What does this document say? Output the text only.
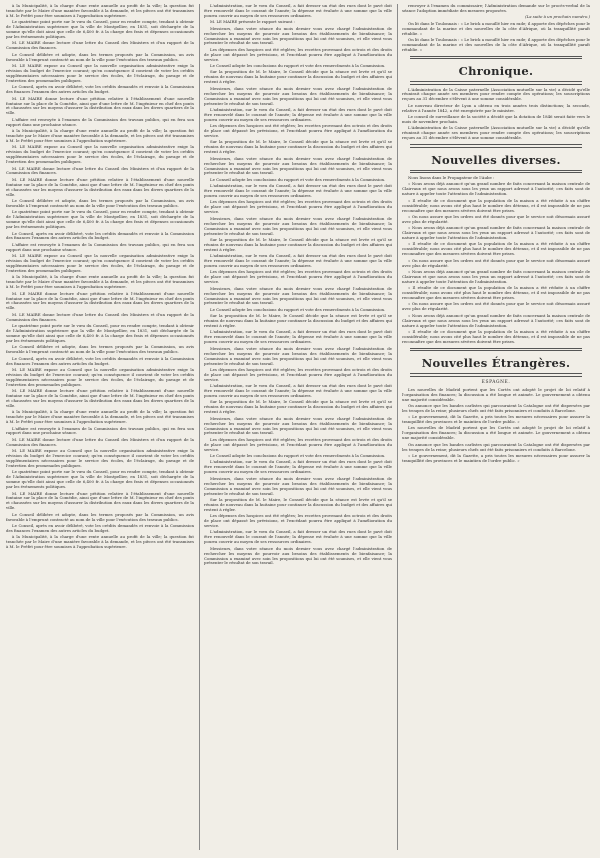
à la Municipalité, à la charge d'une rente annuelle au profit de la ville; la question fut tranchée par le Maire d'une manière favorable à la demande, et les pièces ont été transmises à M. le Préfet pour être soumises à l'approbation supérieure.

Le quatrième point porte sur le vœu du Conseil, pour en rendre compte, tendant à obtenir de l'Administration supérieure que la ville de Montpellier, en 1831, soit déchargée de la somme qu'elle doit ainsi que celle de 6,400 fr. à la charge des frais et dépenses occasionnés par les événements politiques.

M. LE MAIRE donne lecture d'une lettre du Conseil des Ministres et d'un rapport de la Commission des finances.

Le Conseil délibère et adopte, dans les termes proposés par la Commission, un avis favorable à l'emprunt contracté au nom de la ville pour l'exécution des travaux publics.

M. LE MAIRE expose au Conseil que la nouvelle organisation administrative exige la révision du budget de l'exercice courant; qu'en conséquence il convient de voter les crédits supplémentaires nécessaires pour le service des écoles, de l'éclairage, du pavage et de l'entretien des promenades publiques.

Le Conseil, après en avoir délibéré, vote les crédits demandés et renvoie à la Commission des finances l'examen des autres articles du budget.

M. LE MAIRE donne lecture d'une pétition relative à l'établissement d'une nouvelle fontaine sur la place de la Comédie, ainsi que d'une lettre de M. l'ingénieur en chef des ponts et chaussées sur les moyens d'assurer la distribution des eaux dans les divers quartiers de la ville.

L'affaire est renvoyée à l'examen de la Commission des travaux publics, qui en fera son rapport dans une prochaine séance.

à la Municipalité, à la charge d'une rente annuelle au profit de la ville; la question fut tranchée par le Maire d'une manière favorable à la demande, et les pièces ont été transmises à M. le Préfet pour être soumises à l'approbation supérieure.

M. LE MAIRE expose au Conseil que la nouvelle organisation administrative exige la révision du budget de l'exercice courant; qu'en conséquence il convient de voter les crédits supplémentaires nécessaires pour le service des écoles, de l'éclairage, du pavage et de l'entretien des promenades publiques.

M. LE MAIRE donne lecture d'une lettre du Conseil des Ministres et d'un rapport de la Commission des finances.

M. LE MAIRE donne lecture d'une pétition relative à l'établissement d'une nouvelle fontaine sur la place de la Comédie, ainsi que d'une lettre de M. l'ingénieur en chef des ponts et chaussées sur les moyens d'assurer la distribution des eaux dans les divers quartiers de la ville.

Le Conseil délibère et adopte, dans les termes proposés par la Commission, un avis favorable à l'emprunt contracté au nom de la ville pour l'exécution des travaux publics.

Le quatrième point porte sur le vœu du Conseil, pour en rendre compte, tendant à obtenir de l'Administration supérieure que la ville de Montpellier, en 1831, soit déchargée de la somme qu'elle doit ainsi que celle de 6,400 fr. à la charge des frais et dépenses occasionnés par les événements politiques.

Le Conseil, après en avoir délibéré, vote les crédits demandés et renvoie à la Commission des finances l'examen des autres articles du budget.

L'affaire est renvoyée à l'examen de la Commission des travaux publics, qui en fera son rapport dans une prochaine séance.

M. LE MAIRE expose au Conseil que la nouvelle organisation administrative exige la révision du budget de l'exercice courant; qu'en conséquence il convient de voter les crédits supplémentaires nécessaires pour le service des écoles, de l'éclairage, du pavage et de l'entretien des promenades publiques.

à la Municipalité, à la charge d'une rente annuelle au profit de la ville; la question fut tranchée par le Maire d'une manière favorable à la demande, et les pièces ont été transmises à M. le Préfet pour être soumises à l'approbation supérieure.

M. LE MAIRE donne lecture d'une pétition relative à l'établissement d'une nouvelle fontaine sur la place de la Comédie, ainsi que d'une lettre de M. l'ingénieur en chef des ponts et chaussées sur les moyens d'assurer la distribution des eaux dans les divers quartiers de la ville.

M. LE MAIRE donne lecture d'une lettre du Conseil des Ministres et d'un rapport de la Commission des finances.

Le quatrième point porte sur le vœu du Conseil, pour en rendre compte, tendant à obtenir de l'Administration supérieure que la ville de Montpellier, en 1831, soit déchargée de la somme qu'elle doit ainsi que celle de 6,400 fr. à la charge des frais et dépenses occasionnés par les événements politiques.

Le Conseil délibère et adopte, dans les termes proposés par la Commission, un avis favorable à l'emprunt contracté au nom de la ville pour l'exécution des travaux publics.

Le Conseil, après en avoir délibéré, vote les crédits demandés et renvoie à la Commission des finances l'examen des autres articles du budget.

M. LE MAIRE expose au Conseil que la nouvelle organisation administrative exige la révision du budget de l'exercice courant; qu'en conséquence il convient de voter les crédits supplémentaires nécessaires pour le service des écoles, de l'éclairage, du pavage et de l'entretien des promenades publiques.

M. LE MAIRE donne lecture d'une pétition relative à l'établissement d'une nouvelle fontaine sur la place de la Comédie, ainsi que d'une lettre de M. l'ingénieur en chef des ponts et chaussées sur les moyens d'assurer la distribution des eaux dans les divers quartiers de la ville.

à la Municipalité, à la charge d'une rente annuelle au profit de la ville; la question fut tranchée par le Maire d'une manière favorable à la demande, et les pièces ont été transmises à M. le Préfet pour être soumises à l'approbation supérieure.

L'affaire est renvoyée à l'examen de la Commission des travaux publics, qui en fera son rapport dans une prochaine séance.

M. LE MAIRE donne lecture d'une lettre du Conseil des Ministres et d'un rapport de la Commission des finances.

M. LE MAIRE expose au Conseil que la nouvelle organisation administrative exige la révision du budget de l'exercice courant; qu'en conséquence il convient de voter les crédits supplémentaires nécessaires pour le service des écoles, de l'éclairage, du pavage et de l'entretien des promenades publiques.

Le quatrième point porte sur le vœu du Conseil, pour en rendre compte, tendant à obtenir de l'Administration supérieure que la ville de Montpellier, en 1831, soit déchargée de la somme qu'elle doit ainsi que celle de 6,400 fr. à la charge des frais et dépenses occasionnés par les événements politiques.

M. LE MAIRE donne lecture d'une pétition relative à l'établissement d'une nouvelle fontaine sur la place de la Comédie, ainsi que d'une lettre de M. l'ingénieur en chef des ponts et chaussées sur les moyens d'assurer la distribution des eaux dans les divers quartiers de la ville.

Le Conseil délibère et adopte, dans les termes proposés par la Commission, un avis favorable à l'emprunt contracté au nom de la ville pour l'exécution des travaux publics.

Le Conseil, après en avoir délibéré, vote les crédits demandés et renvoie à la Commission des finances l'examen des autres articles du budget.

à la Municipalité, à la charge d'une rente annuelle au profit de la ville; la question fut tranchée par le Maire d'une manière favorable à la demande, et les pièces ont été transmises à M. le Préfet pour être soumises à l'approbation supérieure.

L'administration, sur le vœu du Conseil, a fait dresser un état des rues dont le pavé doit être renouvelé dans le courant de l'année; la dépense est évaluée à une somme que la ville pourra couvrir au moyen de ses ressources ordinaires.

M. LE MAIRE présente le rapport suivant :

Messieurs, dans votre séance du mois dernier vous avez chargé l'administration de rechercher les moyens de pourvoir aux besoins des établissements de bienfaisance; la Commission a examiné avec soin les propositions qui lui ont été soumises, et elle vient vous présenter le résultat de son travail.

Les dépenses des hospices ont été réglées; les recettes provenant des octrois et des droits de place ont dépassé les prévisions, et l'excédant pourra être appliqué à l'amélioration du service.

Le Conseil adopte les conclusions du rapport et vote des remercîments à la Commission.

Sur la proposition de M. le Maire, le Conseil décide que la séance est levée et qu'il se réunira de nouveau dans la huitaine pour continuer la discussion du budget et des affaires qui restent à régler.

Messieurs, dans votre séance du mois dernier vous avez chargé l'administration de rechercher les moyens de pourvoir aux besoins des établissements de bienfaisance; la Commission a examiné avec soin les propositions qui lui ont été soumises, et elle vient vous présenter le résultat de son travail.

L'administration, sur le vœu du Conseil, a fait dresser un état des rues dont le pavé doit être renouvelé dans le courant de l'année; la dépense est évaluée à une somme que la ville pourra couvrir au moyen de ses ressources ordinaires.

Les dépenses des hospices ont été réglées; les recettes provenant des octrois et des droits de place ont dépassé les prévisions, et l'excédant pourra être appliqué à l'amélioration du service.

Sur la proposition de M. le Maire, le Conseil décide que la séance est levée et qu'il se réunira de nouveau dans la huitaine pour continuer la discussion du budget et des affaires qui restent à régler.

Messieurs, dans votre séance du mois dernier vous avez chargé l'administration de rechercher les moyens de pourvoir aux besoins des établissements de bienfaisance; la Commission a examiné avec soin les propositions qui lui ont été soumises, et elle vient vous présenter le résultat de son travail.

Le Conseil adopte les conclusions du rapport et vote des remercîments à la Commission.

L'administration, sur le vœu du Conseil, a fait dresser un état des rues dont le pavé doit être renouvelé dans le courant de l'année; la dépense est évaluée à une somme que la ville pourra couvrir au moyen de ses ressources ordinaires.

Les dépenses des hospices ont été réglées; les recettes provenant des octrois et des droits de place ont dépassé les prévisions, et l'excédant pourra être appliqué à l'amélioration du service.

Messieurs, dans votre séance du mois dernier vous avez chargé l'administration de rechercher les moyens de pourvoir aux besoins des établissements de bienfaisance; la Commission a examiné avec soin les propositions qui lui ont été soumises, et elle vient vous présenter le résultat de son travail.

Sur la proposition de M. le Maire, le Conseil décide que la séance est levée et qu'il se réunira de nouveau dans la huitaine pour continuer la discussion du budget et des affaires qui restent à régler.

L'administration, sur le vœu du Conseil, a fait dresser un état des rues dont le pavé doit être renouvelé dans le courant de l'année; la dépense est évaluée à une somme que la ville pourra couvrir au moyen de ses ressources ordinaires.

Les dépenses des hospices ont été réglées; les recettes provenant des octrois et des droits de place ont dépassé les prévisions, et l'excédant pourra être appliqué à l'amélioration du service.

Messieurs, dans votre séance du mois dernier vous avez chargé l'administration de rechercher les moyens de pourvoir aux besoins des établissements de bienfaisance; la Commission a examiné avec soin les propositions qui lui ont été soumises, et elle vient vous présenter le résultat de son travail.

Le Conseil adopte les conclusions du rapport et vote des remercîments à la Commission.

Sur la proposition de M. le Maire, le Conseil décide que la séance est levée et qu'il se réunira de nouveau dans la huitaine pour continuer la discussion du budget et des affaires qui restent à régler.

L'administration, sur le vœu du Conseil, a fait dresser un état des rues dont le pavé doit être renouvelé dans le courant de l'année; la dépense est évaluée à une somme que la ville pourra couvrir au moyen de ses ressources ordinaires.

Messieurs, dans votre séance du mois dernier vous avez chargé l'administration de rechercher les moyens de pourvoir aux besoins des établissements de bienfaisance; la Commission a examiné avec soin les propositions qui lui ont été soumises, et elle vient vous présenter le résultat de son travail.

Les dépenses des hospices ont été réglées; les recettes provenant des octrois et des droits de place ont dépassé les prévisions, et l'excédant pourra être appliqué à l'amélioration du service.

L'administration, sur le vœu du Conseil, a fait dresser un état des rues dont le pavé doit être renouvelé dans le courant de l'année; la dépense est évaluée à une somme que la ville pourra couvrir au moyen de ses ressources ordinaires.

Sur la proposition de M. le Maire, le Conseil décide que la séance est levée et qu'il se réunira de nouveau dans la huitaine pour continuer la discussion du budget et des affaires qui restent à régler.

Messieurs, dans votre séance du mois dernier vous avez chargé l'administration de rechercher les moyens de pourvoir aux besoins des établissements de bienfaisance; la Commission a examiné avec soin les propositions qui lui ont été soumises, et elle vient vous présenter le résultat de son travail.

Les dépenses des hospices ont été réglées; les recettes provenant des octrois et des droits de place ont dépassé les prévisions, et l'excédant pourra être appliqué à l'amélioration du service.

Le Conseil adopte les conclusions du rapport et vote des remercîments à la Commission.

L'administration, sur le vœu du Conseil, a fait dresser un état des rues dont le pavé doit être renouvelé dans le courant de l'année; la dépense est évaluée à une somme que la ville pourra couvrir au moyen de ses ressources ordinaires.

Messieurs, dans votre séance du mois dernier vous avez chargé l'administration de rechercher les moyens de pourvoir aux besoins des établissements de bienfaisance; la Commission a examiné avec soin les propositions qui lui ont été soumises, et elle vient vous présenter le résultat de son travail.

Sur la proposition de M. le Maire, le Conseil décide que la séance est levée et qu'il se réunira de nouveau dans la huitaine pour continuer la discussion du budget et des affaires qui restent à régler.

Les dépenses des hospices ont été réglées; les recettes provenant des octrois et des droits de place ont dépassé les prévisions, et l'excédant pourra être appliqué à l'amélioration du service.

L'administration, sur le vœu du Conseil, a fait dresser un état des rues dont le pavé doit être renouvelé dans le courant de l'année; la dépense est évaluée à une somme que la ville pourra couvrir au moyen de ses ressources ordinaires.

Messieurs, dans votre séance du mois dernier vous avez chargé l'administration de rechercher les moyens de pourvoir aux besoins des établissements de bienfaisance; la Commission a examiné avec soin les propositions qui lui ont été soumises, et elle vient vous présenter le résultat de son travail.

renvoyer à l'examen du commissaire; l'Administration demande sur le procès-verbal de la séance l'adoption immédiate des mesures proposées.

(La suite à un prochain numéro.)

On lit dans le Toulonnais : « Le brick a mouillé hier en rade; il apporte des dépêches pour le commandant de la marine et des nouvelles de la côte d'Afrique, où la tranquillité paraît rétablie. »

On lit dans le Toulonnais : « Le brick a mouillé hier en rade; il apporte des dépêches pour le commandant de la marine et des nouvelles de la côte d'Afrique, où la tranquillité paraît rétablie. »

Chronique.

L'Administration de la Caisse paternelle (Association mutuelle sur la vie) a décidé qu'elle réunirait chaque année ses membres pour rendre compte des opérations; les souscriptions reçues au 31 décembre s'élèvent à une somme considérable.

Le nouveau directeur de Lyon a obtenu en trois années trois distinctions; la seconde, relative à l'année 1842, a été enregistrée par le ministre.

Le conseil de surveillance de la société a décidé que la dotation de 1846 serait faite vers le mois de novembre prochain.

L'Administration de la Caisse paternelle (Association mutuelle sur la vie) a décidé qu'elle réunirait chaque année ses membres pour rendre compte des opérations; les souscriptions reçues au 31 décembre s'élèvent à une somme considérable.

Nouvelles diverses.

Nous lisons dans le Propagateur de l'Aube :

« Nous avons déjà annoncé qu'un grand nombre de faits concernant la maison centrale de Clairvaux et que nous avons sous les yeux un rapport adressé à l'autorité; ces faits sont de nature à appeler toute l'attention de l'administration.

« Il résulte de ce document que la population de la maison a été réduite à un chiffre considérable; nous avons cité plus haut le nombre des détenus, et il est impossible de ne pas reconnaître que des mesures sévères doivent être prises.

« On nous assure que les ordres ont été donnés pour que le service soit désormais assuré avec plus de régularité.

« Nous avons déjà annoncé qu'un grand nombre de faits concernant la maison centrale de Clairvaux et que nous avons sous les yeux un rapport adressé à l'autorité; ces faits sont de nature à appeler toute l'attention de l'administration.

« Il résulte de ce document que la population de la maison a été réduite à un chiffre considérable; nous avons cité plus haut le nombre des détenus, et il est impossible de ne pas reconnaître que des mesures sévères doivent être prises.

« On nous assure que les ordres ont été donnés pour que le service soit désormais assuré avec plus de régularité.

« Nous avons déjà annoncé qu'un grand nombre de faits concernant la maison centrale de Clairvaux et que nous avons sous les yeux un rapport adressé à l'autorité; ces faits sont de nature à appeler toute l'attention de l'administration.

« Il résulte de ce document que la population de la maison a été réduite à un chiffre considérable; nous avons cité plus haut le nombre des détenus, et il est impossible de ne pas reconnaître que des mesures sévères doivent être prises.

« On nous assure que les ordres ont été donnés pour que le service soit désormais assuré avec plus de régularité.

« Nous avons déjà annoncé qu'un grand nombre de faits concernant la maison centrale de Clairvaux et que nous avons sous les yeux un rapport adressé à l'autorité; ces faits sont de nature à appeler toute l'attention de l'administration.

« Il résulte de ce document que la population de la maison a été réduite à un chiffre considérable; nous avons cité plus haut le nombre des détenus, et il est impossible de ne pas reconnaître que des mesures sévères doivent être prises.

Nouvelles Étrangères.
ESPAGNE.

Les nouvelles de Madrid portent que les Cortès ont adopté le projet de loi relatif à l'organisation des finances; la discussion a été longue et animée. Le gouvernement a obtenu une majorité considérable.

On annonce que les bandes carlistes qui parcouraient la Catalogne ont été dispersées par les troupes de la reine; plusieurs chefs ont été faits prisonniers et conduits à Barcelone.

« Le gouvernement, dit la Gazette, a pris toutes les mesures nécessaires pour assurer la tranquillité des provinces et le maintien de l'ordre public. »

Les nouvelles de Madrid portent que les Cortès ont adopté le projet de loi relatif à l'organisation des finances; la discussion a été longue et animée. Le gouvernement a obtenu une majorité considérable.

On annonce que les bandes carlistes qui parcouraient la Catalogne ont été dispersées par les troupes de la reine; plusieurs chefs ont été faits prisonniers et conduits à Barcelone.

« Le gouvernement, dit la Gazette, a pris toutes les mesures nécessaires pour assurer la tranquillité des provinces et le maintien de l'ordre public. »
